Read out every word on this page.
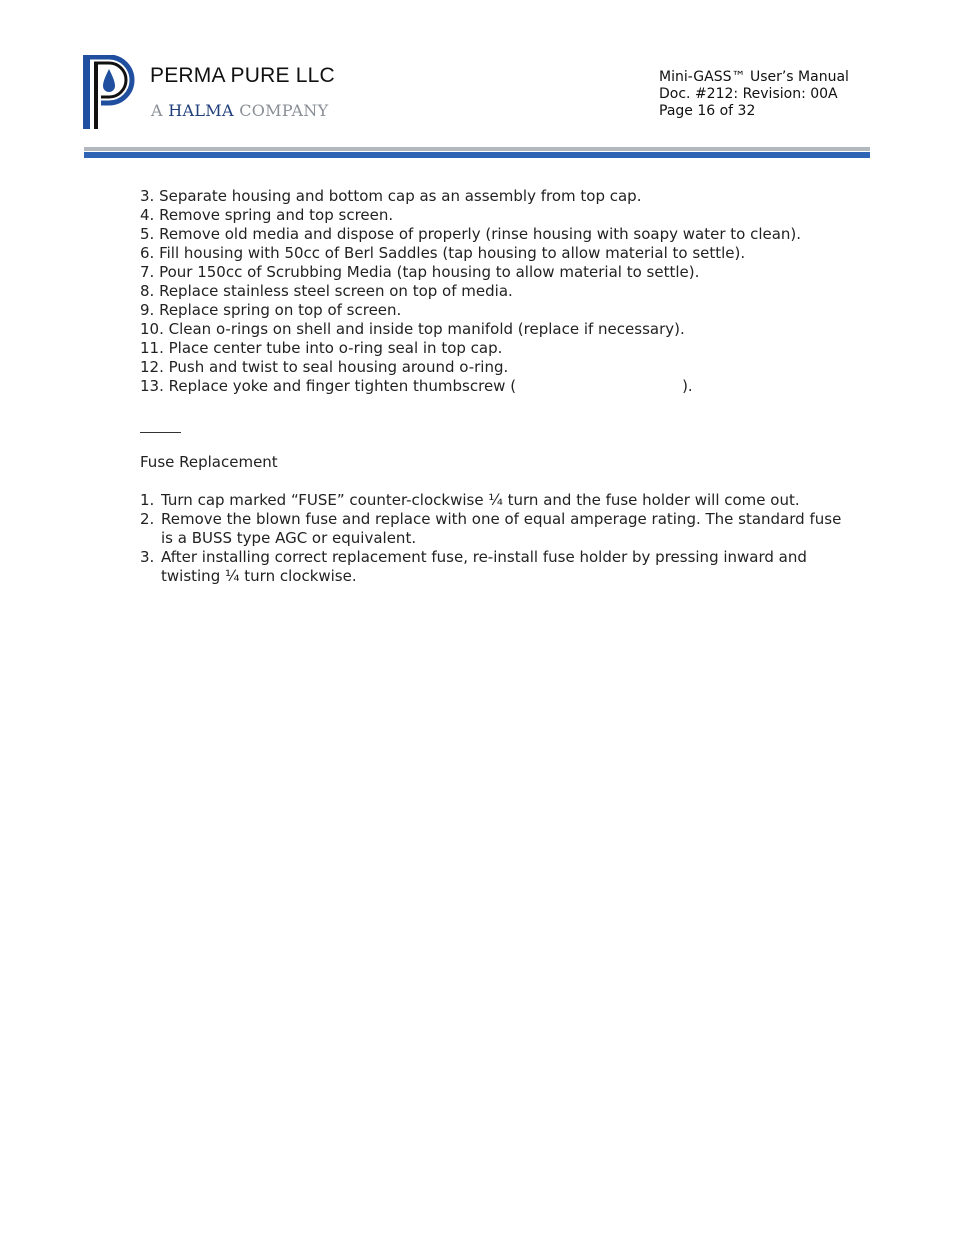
PERMA PURE LLC
A HALMA COMPANY
Mini-GASS™ User’s Manual
Doc. #212: Revision: 00A
Page 16 of 32
3. Separate housing and bottom cap as an assembly from top cap.
4. Remove spring and top screen.
5. Remove old media and dispose of properly (rinse housing with soapy water to clean).
6. Fill housing with 50cc of Berl Saddles (tap housing to allow material to settle).
7. Pour 150cc of Scrubbing Media (tap housing to allow material to settle).
8. Replace stainless steel screen on top of media.
9. Replace spring on top of screen.
10. Clean o-rings on shell and inside top manifold (replace if necessary).
11. Place center tube into o-ring seal in top cap.
12. Push and twist to seal housing around o-ring.
13. Replace yoke and finger tighten thumbscrew (	).
Fuse Replacement
1. Turn cap marked “FUSE” counter-clockwise ¼ turn and the fuse holder will come out.
2. Remove the blown fuse and replace with one of equal amperage rating. The standard fuse is a BUSS type AGC or equivalent.
3. After installing correct replacement fuse, re-install fuse holder by pressing inward and twisting ¼ turn clockwise.
